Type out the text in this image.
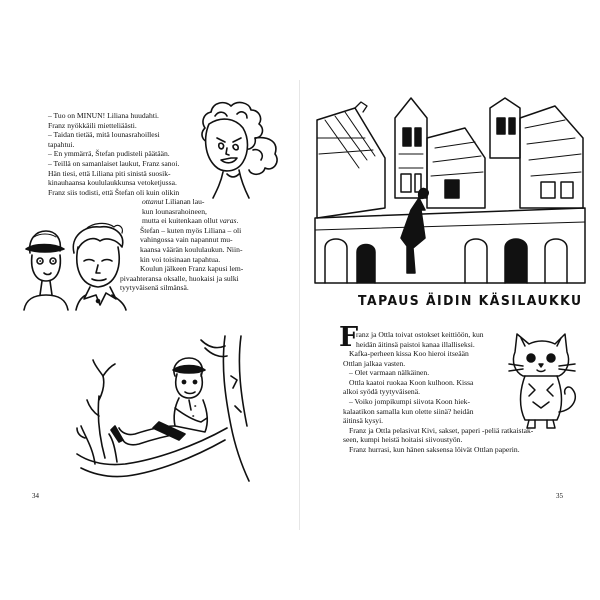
– Tuo on MINUN! Liliana huudahti.
Franz nyökkäili mietteliäästi.
– Taidan tietää, mitä lounasrahoillesi
tapahtui.
– En ymmärrä, Štefan pudisteli päätään.
– Teillä on samanlaiset laukut, Franz sanoi.
Hän tiesi, että Liliana piti sinistä suosik-
kinauhaansa koululaukkunsa vetoketjussa.
Franz siis todisti, että Štefan oli kuin olikin
ottanut Lilianan lau-
kun lounasrahoineen,
mutta ei kuitenkaan ollut varas.
Štefan – kuten myös Liliana – oli
vahingossa vain napannut mu-
kaansa väärän koululaukun. Niin-
kin voi toisinaan tapahtua.
Koulun jälkeen Franz kapusi lem-
pivaahteransa oksalle, huokaisi ja sulki
tyytyväisenä silmänsä.
34
TAPAUS ÄIDIN KÄSILAUKKU
F
ranz ja Ottla toivat ostokset keittiöön, kun
heidän äitinsä paistoi kanaa illalliseksi.
Kafka-perheen kissa Koo hieroi itseään
Ottlan jalkaa vasten.
– Olet varmaan nälkäinen.
Ottla kaatoi ruokaa Koon kulhoon. Kissa
alkoi syödä tyytyväisenä.
– Voiko jompikumpi siivota Koon hiek-
kalaatikon samalla kun olette siinä? heidän
äitinsä kysyi.
Franz ja Ottla pelasivat Kivi, sakset, paperi -peliä ratkaistak-
seen, kumpi heistä hoitaisi siivoustyön.
Franz hurrasi, kun hänen saksensa löivät Ottlan paperin.
35
